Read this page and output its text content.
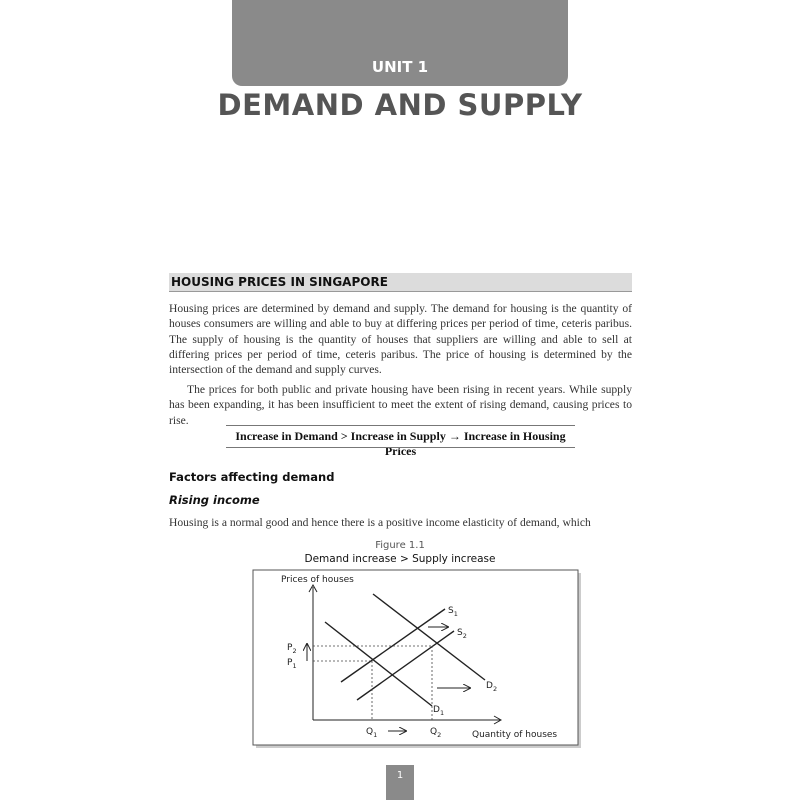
UNIT 1
DEMAND AND SUPPLY
HOUSING PRICES IN SINGAPORE

Housing prices are determined by demand and supply. The demand for housing is the quantity of houses consumers are willing and able to buy at differing prices per period of time, ceteris paribus. The supply of housing is the quantity of houses that suppliers are willing and able to sell at differing prices per period of time, ceteris paribus. The price of housing is determined by the intersection of the demand and supply curves.

The prices for both public and private housing have been rising in recent years. While supply has been expanding, it has been insufficient to meet the extent of rising demand, causing prices to rise.

Increase in Demand > Increase in Supply → Increase in Housing Prices
Factors affecting demand
Rising income

Housing is a normal good and hence there is a positive income elasticity of demand, which

Figure 1.1
Demand increase > Supply increase
Prices of houses
Quantity of houses
$S_1$
$S_2$
$D_2$
$D_1$
$P_2$
$P_1$
$Q_1$	$Q_2$
1
